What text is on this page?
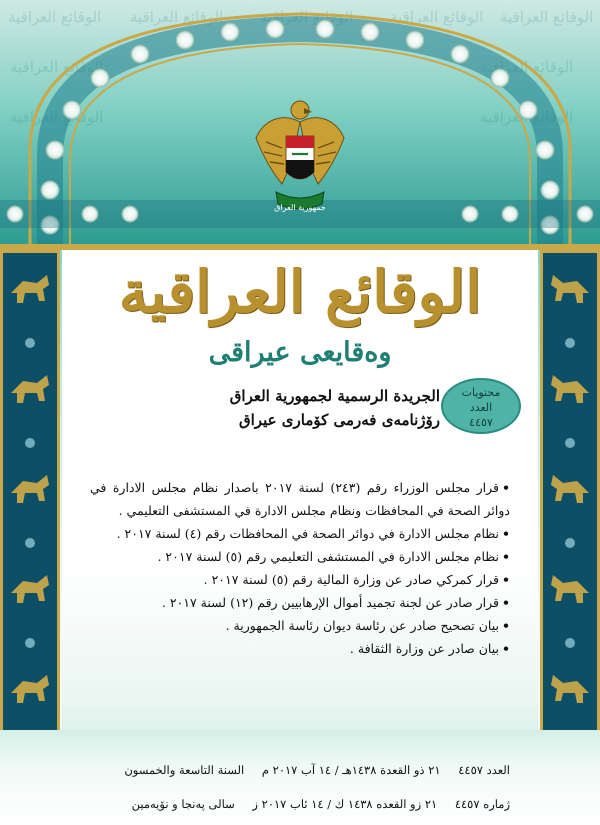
جمهورية العراق
الوقائع العراقية
وەقایعی عیراقی
الجريدة الرسمية لجمهورية العراق
رۆژنامەی فەرمی کۆماری عیراق
محتويات
العدد
٤٤٥٧
•قرار مجلس الوزراء رقم (٢٤٣) لسنة ٢٠١٧ باصدار نظام مجلس الادارة في دوائر الصحة في المحافظات ونظام مجلس الادارة في المستشفى التعليمي .
•نظام مجلس الادارة في دوائر الصحة في المحافظات رقم (٤) لسنة ٢٠١٧ .
•نظام مجلس الادارة في المستشفى التعليمي رقم (٥) لسنة ٢٠١٧ .
•قرار كمركي صادر عن وزارة المالية رقم (٥) لسنة ٢٠١٧ .
•قرار صادر عن لجنة تجميد أموال الإرهابيين رقم (١٢) لسنة ٢٠١٧ .
•بيان تصحيح صادر عن رئاسة ديوان رئاسة الجمهورية .
•بيان صادر عن وزارة الثقافة .
العدد ٤٤٥٧ ٢١ ذو القعدة ١٤٣٨هـ / ١٤ آب ٢٠١٧ م السنة التاسعة والخمسون
ژمارە ٤٤٥٧ ٢١ زو القعده ١٤٣٨ ك / ١٤ ئاب ٢٠١٧ ز سالی پەنجا و نۆیەمین
